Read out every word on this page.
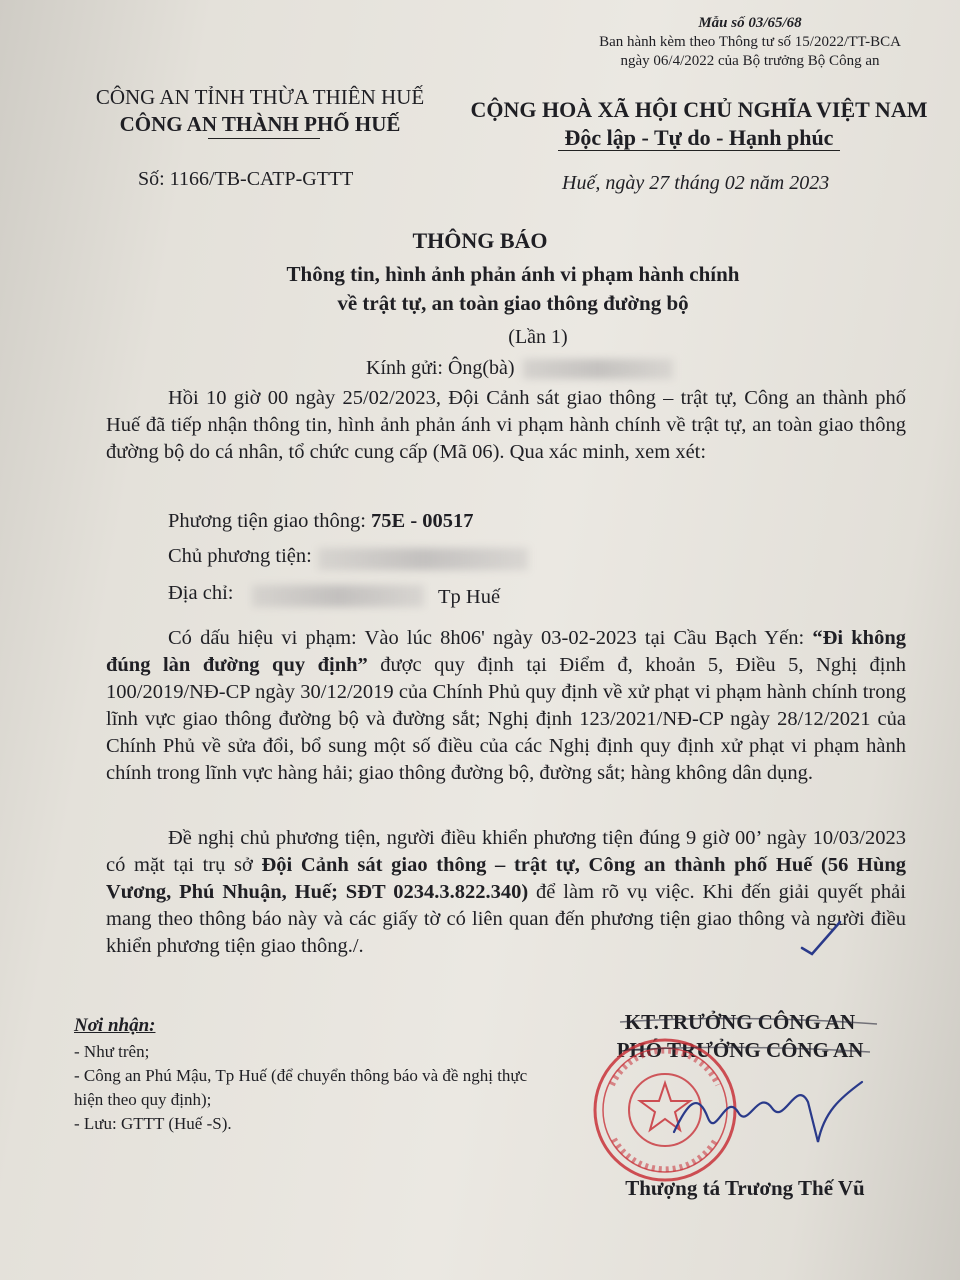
Mẫu số 03/65/68
Ban hành kèm theo Thông tư số 15/2022/TT-BCA
ngày 06/4/2022 của Bộ trưởng Bộ Công an
CÔNG AN TỈNH THỪA THIÊN HUẾ
CÔNG AN THÀNH PHỐ HUẾ
Số: 1166/TB-CATP-GTTT
CỘNG HOÀ XÃ HỘI CHỦ NGHĨA VIỆT NAM
Độc lập - Tự do - Hạnh phúc
Huế, ngày 27 tháng 02 năm 2023
THÔNG BÁO
Thông tin, hình ảnh phản ánh vi phạm hành chính
về trật tự, an toàn giao thông đường bộ
(Lần 1)
Kính gửi: Ông(bà)

Hồi 10 giờ 00 ngày 25/02/2023, Đội Cảnh sát giao thông – trật tự, Công an thành phố Huế đã tiếp nhận thông tin, hình ảnh phản ánh vi phạm hành chính về trật tự, an toàn giao thông đường bộ do cá nhân, tổ chức cung cấp (Mã 06). Qua xác minh, xem xét:

Phương tiện giao thông: 75E - 00517
Chủ phương tiện:
Địa chỉ:	Tp Huế

Có dấu hiệu vi phạm: Vào lúc 8h06' ngày 03-02-2023 tại Cầu Bạch Yến: “Đi không đúng làn đường quy định” được quy định tại Điểm đ, khoản 5, Điều 5, Nghị định 100/2019/NĐ-CP ngày 30/12/2019 của Chính Phủ quy định về xử phạt vi phạm hành chính trong lĩnh vực giao thông đường bộ và đường sắt; Nghị định 123/2021/NĐ-CP ngày 28/12/2021 của Chính Phủ về sửa đổi, bổ sung một số điều của các Nghị định quy định xử phạt vi phạm hành chính trong lĩnh vực hàng hải; giao thông đường bộ, đường sắt; hàng không dân dụng.

Đề nghị chủ phương tiện, người điều khiển phương tiện đúng 9 giờ 00’ ngày 10/03/2023 có mặt tại trụ sở Đội Cảnh sát giao thông – trật tự, Công an thành phố Huế (56 Hùng Vương, Phú Nhuận, Huế; SĐT 0234.3.822.340) để làm rõ vụ việc. Khi đến giải quyết phải mang theo thông báo này và các giấy tờ có liên quan đến phương tiện giao thông và người điều khiển phương tiện giao thông./.

Nơi nhận:
- Như trên;
- Công an Phú Mậu, Tp Huế (để chuyển thông báo và đề nghị thực hiện theo quy định);
- Lưu: GTTT (Huế -S).
KT.TRƯỞNG CÔNG AN
PHÓ TRƯỞNG CÔNG AN
Thượng tá Trương Thế Vũ
